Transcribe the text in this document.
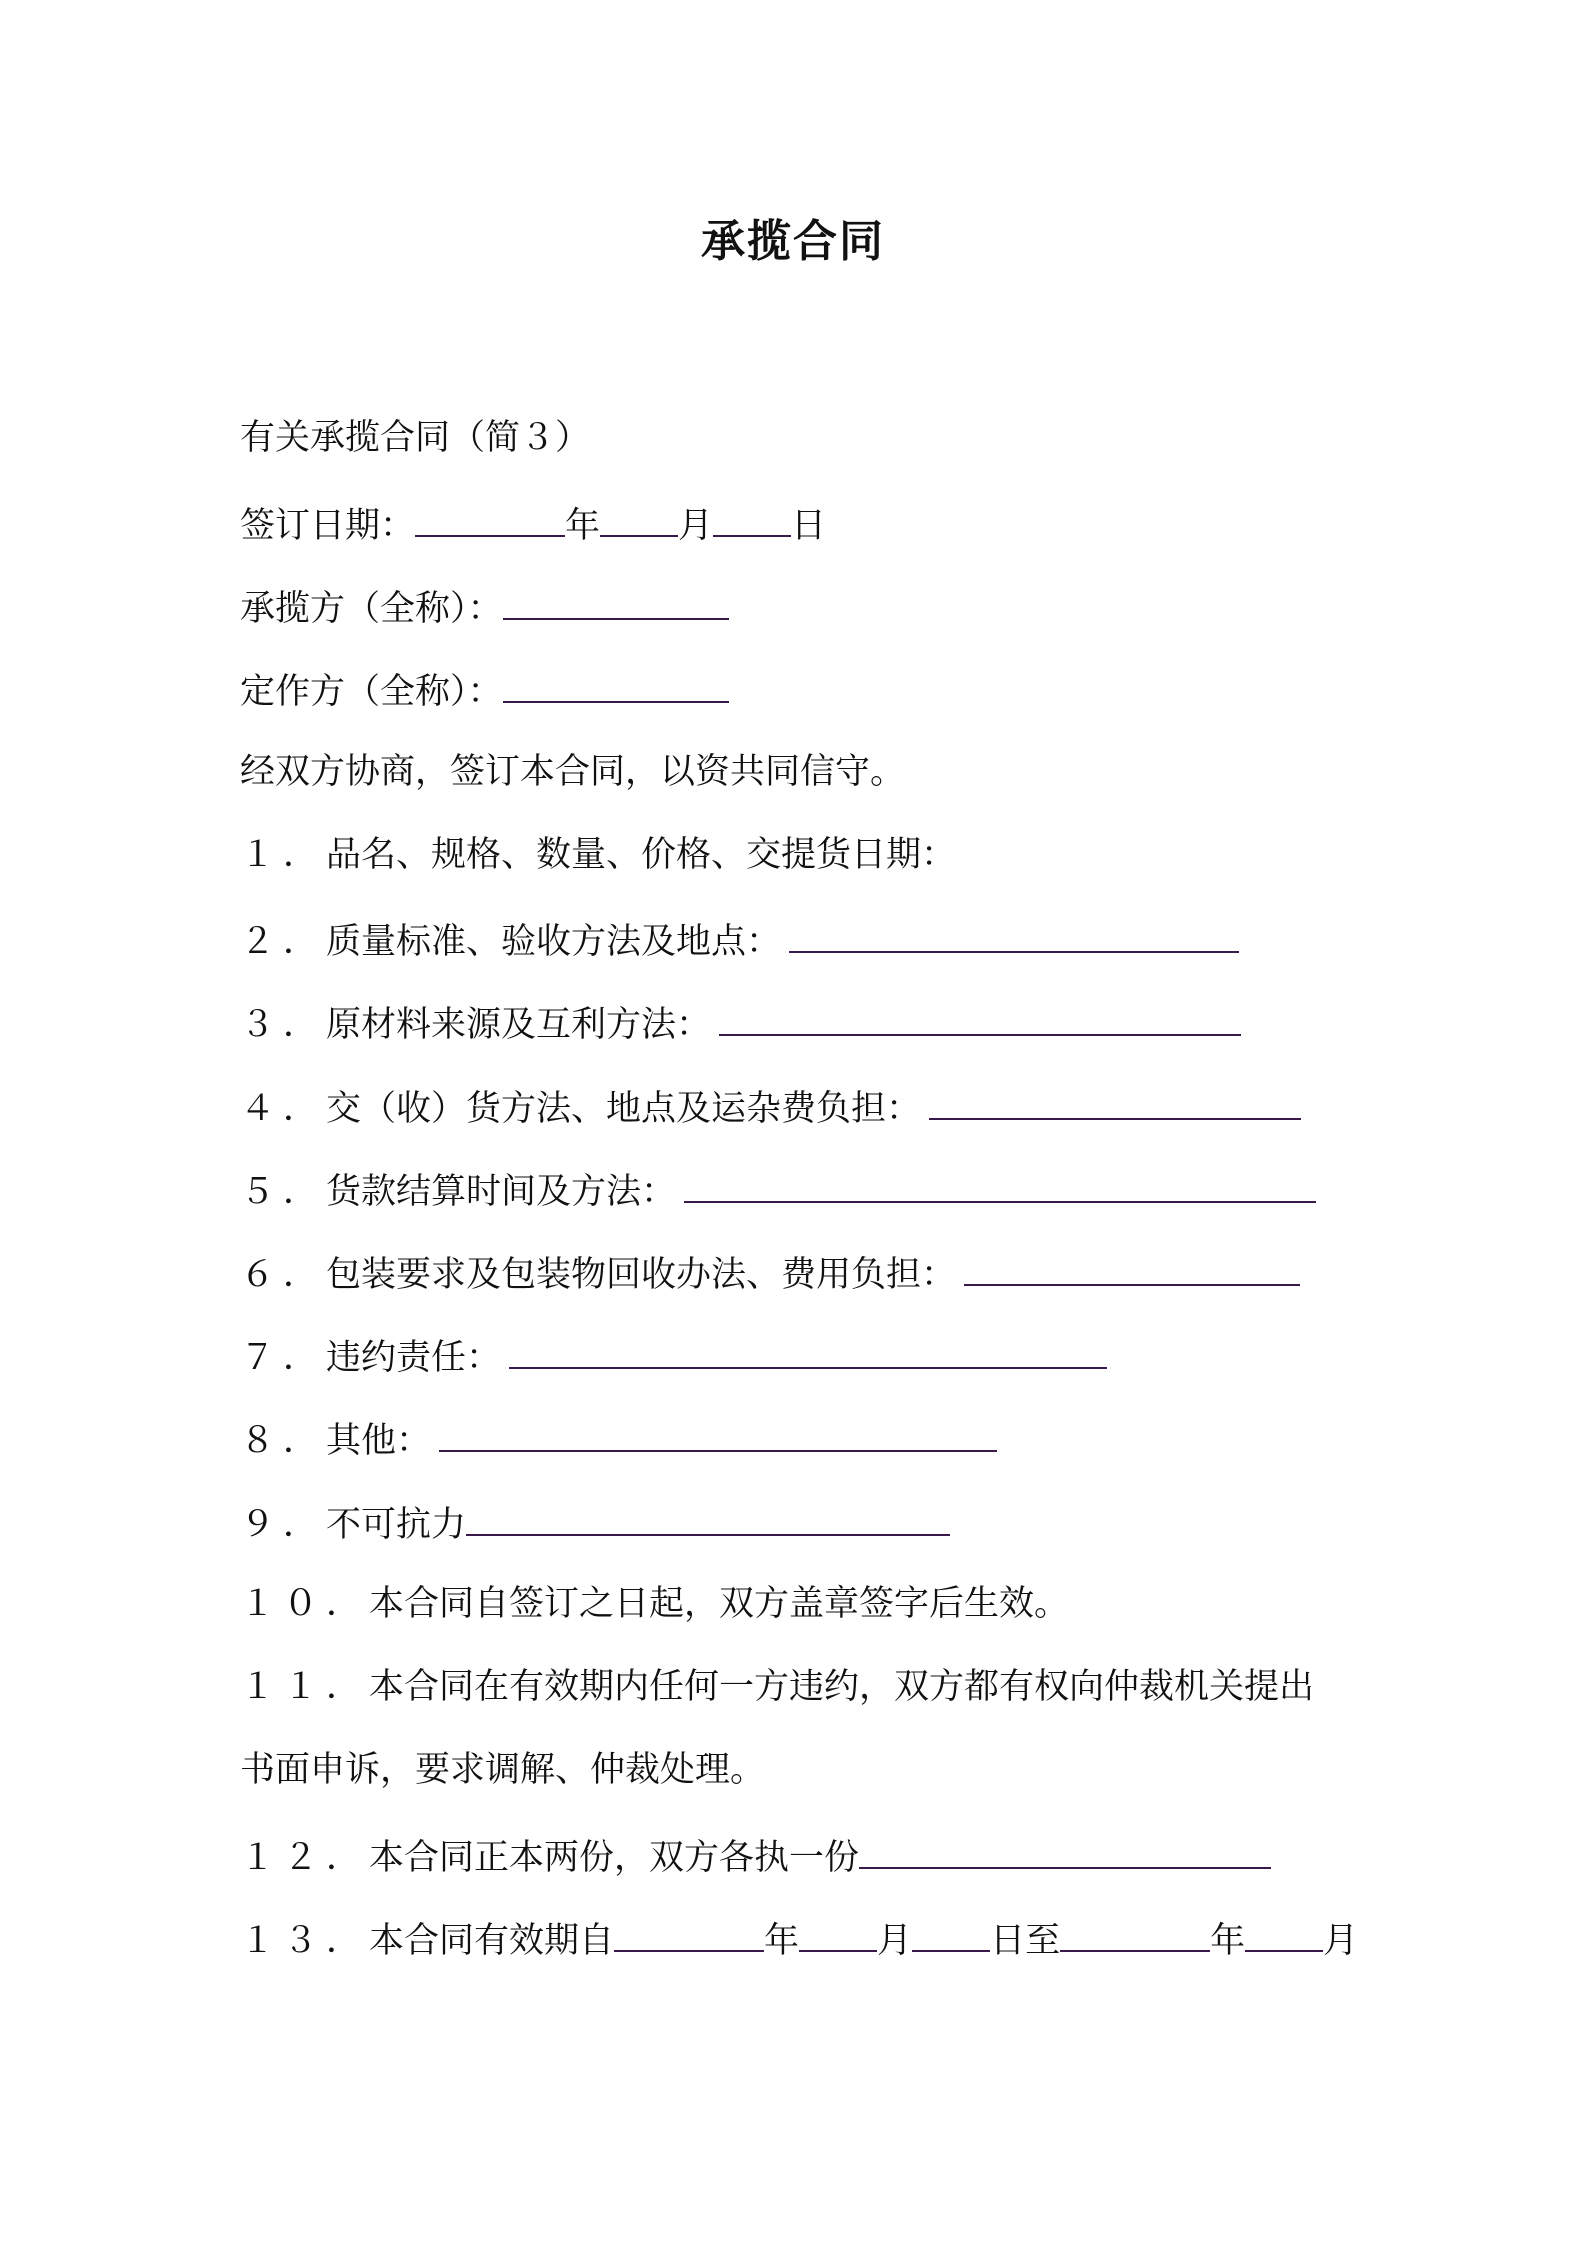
承揽合同
有关承揽合同（简３）
签订日期：	年 月 日
承揽方（全称）：
定作方（全称）：
经双方协商，签订本合同，以资共同信守。
１．品名、规格、数量、价格、交提货日期：
２．质量标准、验收方法及地点：
３．原材料来源及互利方法：
４．交（收）货方法、地点及运杂费负担：
５．货款结算时间及方法：
６．包装要求及包装物回收办法、费用负担：
７．违约责任：
８．其他：
９．不可抗力
１０．本合同自签订之日起，双方盖章签字后生效。
１１．本合同在有效期内任何一方违约，双方都有权向仲裁机关提出
书面申诉，要求调解、仲裁处理。
１２．本合同正本两份，双方各执一份
１３．本合同有效期自	年 月 日至	年 月
